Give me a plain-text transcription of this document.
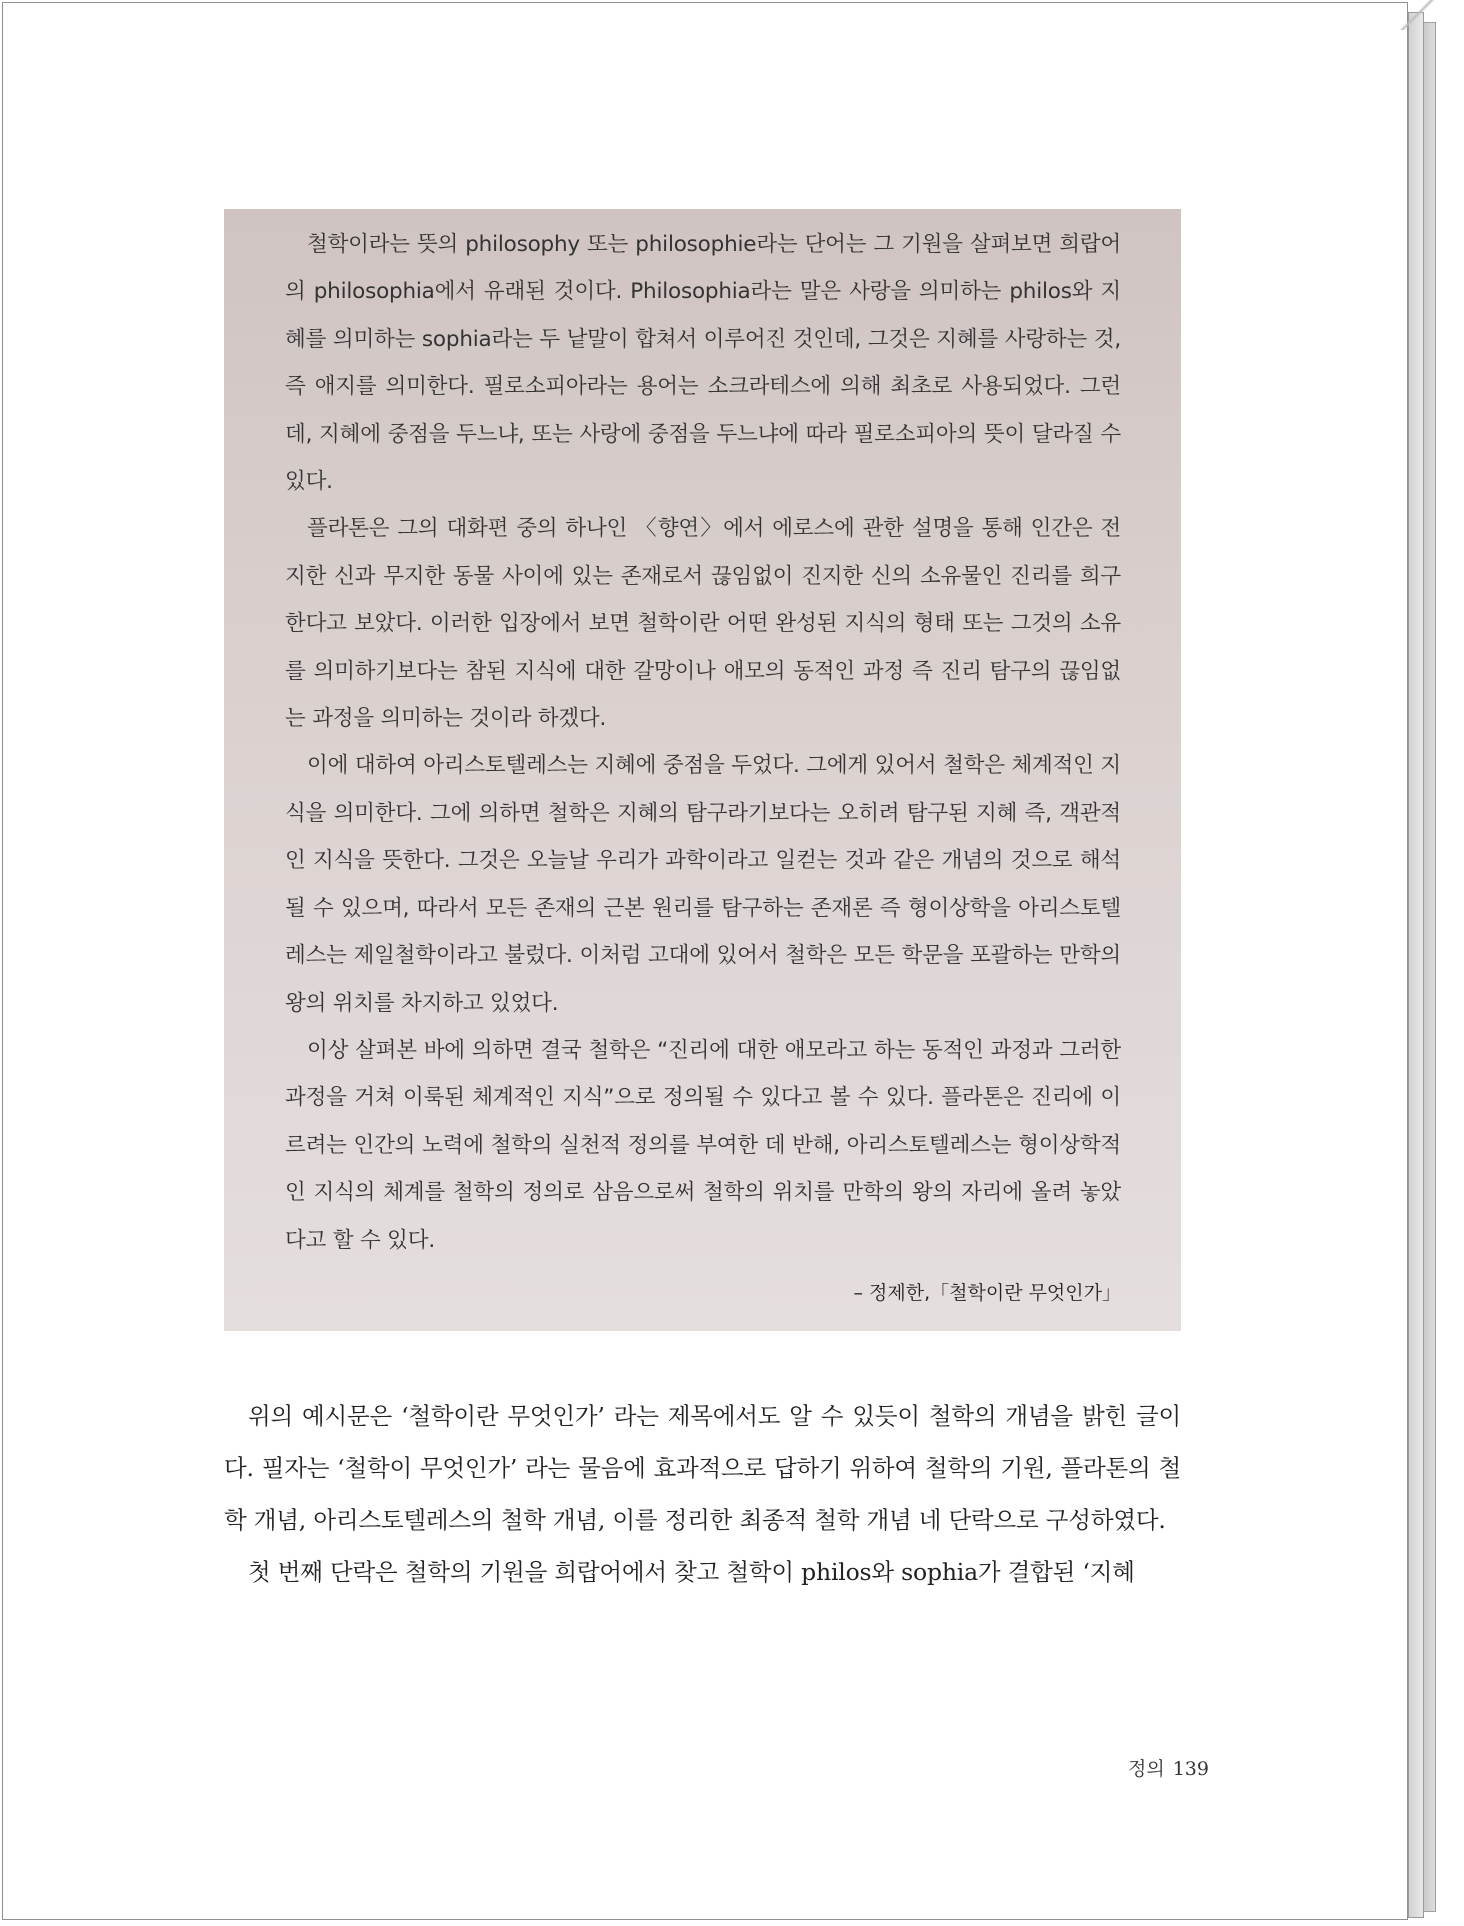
철학이라는 뜻의 philosophy 또는 philosophie라는 단어는 그 기원을 살펴보면 희랍어의 philosophia에서 유래된 것이다. Philosophia라는 말은 사랑을 의미하는 philos와 지혜를 의미하는 sophia라는 두 낱말이 합쳐서 이루어진 것인데, 그것은 지혜를 사랑하는 것, 즉 애지를 의미한다. 필로소피아라는 용어는 소크라테스에 의해 최초로 사용되었다. 그런데, 지혜에 중점을 두느냐, 또는 사랑에 중점을 두느냐에 따라 필로소피아의 뜻이 달라질 수 있다.

플라톤은 그의 대화편 중의 하나인 〈향연〉에서 에로스에 관한 설명을 통해 인간은 전지한 신과 무지한 동물 사이에 있는 존재로서 끊임없이 진지한 신의 소유물인 진리를 희구한다고 보았다. 이러한 입장에서 보면 철학이란 어떤 완성된 지식의 형태 또는 그것의 소유를 의미하기보다는 참된 지식에 대한 갈망이나 애모의 동적인 과정 즉 진리 탐구의 끊임없는 과정을 의미하는 것이라 하겠다.

이에 대하여 아리스토텔레스는 지혜에 중점을 두었다. 그에게 있어서 철학은 체계적인 지식을 의미한다. 그에 의하면 철학은 지혜의 탐구라기보다는 오히려 탐구된 지혜 즉, 객관적인 지식을 뜻한다. 그것은 오늘날 우리가 과학이라고 일컫는 것과 같은 개념의 것으로 해석될 수 있으며, 따라서 모든 존재의 근본 원리를 탐구하는 존재론 즉 형이상학을 아리스토텔레스는 제일철학이라고 불렀다. 이처럼 고대에 있어서 철학은 모든 학문을 포괄하는 만학의 왕의 위치를 차지하고 있었다.

이상 살펴본 바에 의하면 결국 철학은 “진리에 대한 애모라고 하는 동적인 과정과 그러한 과정을 거쳐 이룩된 체계적인 지식”으로 정의될 수 있다고 볼 수 있다. 플라톤은 진리에 이르려는 인간의 노력에 철학의 실천적 정의를 부여한 데 반해, 아리스토텔레스는 형이상학적인 지식의 체계를 철학의 정의로 삼음으로써 철학의 위치를 만학의 왕의 자리에 올려 놓았다고 할 수 있다.

– 정제한,「철학이란 무엇인가」

위의 예시문은 ‘철학이란 무엇인가’ 라는 제목에서도 알 수 있듯이 철학의 개념을 밝힌 글이다. 필자는 ‘철학이 무엇인가’ 라는 물음에 효과적으로 답하기 위하여 철학의 기원, 플라톤의 철학 개념, 아리스토텔레스의 철학 개념, 이를 정리한 최종적 철학 개념 네 단락으로 구성하였다.

첫 번째 단락은 철학의 기원을 희랍어에서 찾고 철학이 philos와 sophia가 결합된 ‘지혜

정의 139
